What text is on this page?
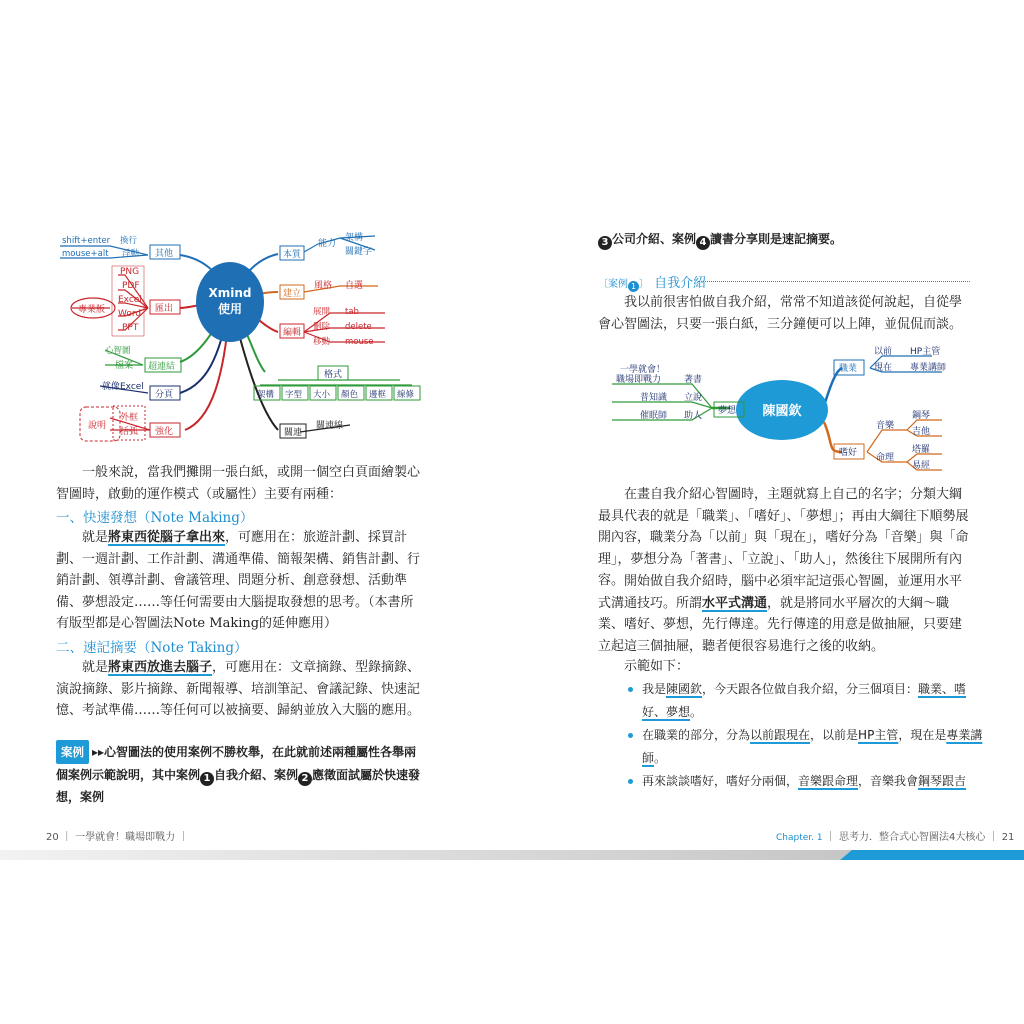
Xmind
使用
shift+enter 換行
mouse+alt 浮動 其他
PNG
PDF
Excel
Word
PPT
專業版	匯出
心智圖
檔案 超連結
就像Excel
分頁
說明
外框
括弧 強化
本質
能力
架構
關鍵字
建立
風格 自選
編輯
展開 tab
刪除 delete
移動 mouse
格式
架構 字型 大小 顏色 邊框 線條
關連
關連線

一般來說，當我們攤開一張白紙，或開一個空白頁面繪製心智圖時，啟動的運作模式（或屬性）主要有兩種：

一、快速發想（Note Making）

就是將東西從腦子拿出來，可應用在：旅遊計劃、採買計劃、一週計劃、工作計劃、溝通準備、簡報架構、銷售計劃、行銷計劃、領導計劃、會議管理、問題分析、創意發想、活動準備、夢想設定……等任何需要由大腦提取發想的思考。（本書所有版型都是心智圖法Note Making的延伸應用）

二、速記摘要（Note Taking）

就是將東西放進去腦子，可應用在：文章摘錄、型錄摘錄、演說摘錄、影片摘錄、新聞報導、培訓筆記、會議記錄、快速記憶、考試準備……等任何可以被摘要、歸納並放入大腦的應用。

案例 ▸▸心智圖法的使用案例不勝枚舉，在此就前述兩種屬性各舉兩個案例示範說明，其中案例 1 自我介紹、案例 2 應徵面試屬於快速發想，案例
20 ｜ 一學就會！職場即戰力 ｜
3 公司介紹、案例 4 讀書分享則是速記摘要。
〔案例 1 〕 自我介紹

我以前很害怕做自我介紹，常常不知道該從何說起，自從學會心智圖法，只要一張白紙，三分鐘便可以上陣，並侃侃而談。

陳國欽
職業
以前 HP主管
現在 專業講師
夢想
一學就會！
職場即戰力	著書
普知識 立說
催眠師 助人
嗜好
音樂
命理
鋼琴
吉他
塔羅
易經

在畫自我介紹心智圖時，主題就寫上自己的名字；分類大綱最具代表的就是「職業」、「嗜好」、「夢想」；再由大綱往下順勢展開內容，職業分為「以前」與「現在」，嗜好分為「音樂」與「命理」，夢想分為「著書」、「立說」、「助人」，然後往下展開所有內容。 開始做自我介紹時，腦中必須牢記這張心智圖，並運用水平式溝通技巧。所謂水平式溝通，就是將同水平層次的大綱～職業、嗜好、夢想，先行傳達。先行傳達的用意是做抽屜，只要建立起這三個抽屜，聽者便很容易進行之後的收納。

示範如下：

我是陳國欽，今天跟各位做自我介紹，分三個項目：職業、嗜好、夢想。
在職業的部分，分為以前跟現在，以前是HP主管，現在是專業講師。
再來談談嗜好，嗜好分兩個，音樂跟命理，音樂我會鋼琴跟吉
Chapter. 1 ｜ 思考力．整合式心智圖法4大核心 ｜ 21
